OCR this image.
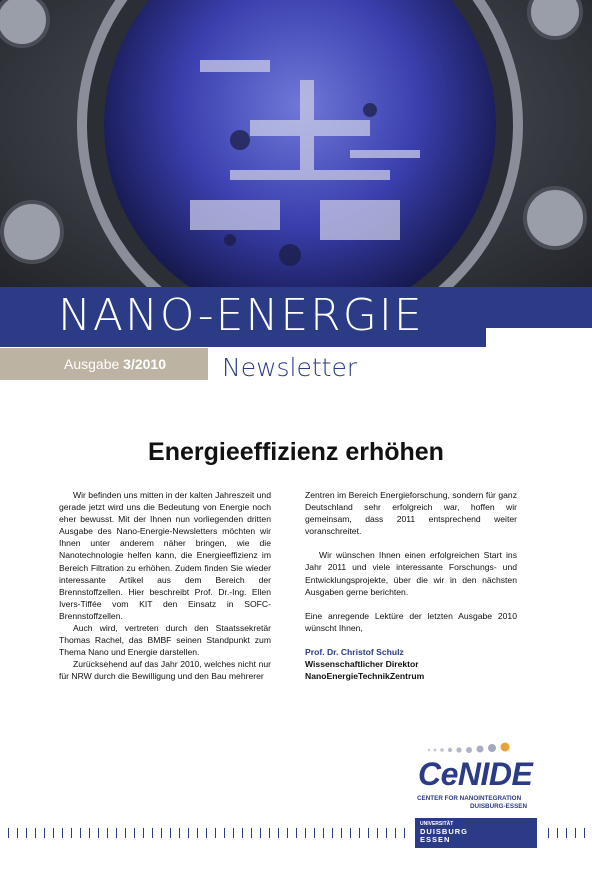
NANO-ENERGIE
Ausgabe 3/2010 Newsletter
Energieeffizienz erhöhen

Wir befinden uns mitten in der kalten Jahreszeit und gerade jetzt wird uns die Bedeutung von Energie noch eher bewusst. Mit der Ihnen nun vorliegenden dritten Ausgabe des Nano-Energie-Newsletters möchten wir Ihnen unter anderem näher bringen, wie die Nanotechnologie helfen kann, die Energieeffizienz im Bereich Filtration zu erhöhen. Zudem finden Sie wieder interessante Artikel aus dem Bereich der Brennstoffzellen. Hier beschreibt Prof. Dr.-Ing. Ellen Ivers-Tiffée vom KIT den Einsatz in SOFC-Brennstoffzellen.

Auch wird, vertreten durch den Staatssekretär Thomas Rachel, das BMBF seinen Standpunkt zum Thema Nano und Energie darstellen.

Zurücksehend auf das Jahr 2010, welches nicht nur für NRW durch die Bewilligung und den Bau mehrerer

Zentren im Bereich Energieforschung, sondern für ganz Deutschland sehr erfolgreich war, hoffen wir gemeinsam, dass 2011 entsprechend weiter voranschreitet.

Wir wünschen Ihnen einen erfolgreichen Start ins Jahr 2011 und viele interessante Forschungs- und Entwicklungsprojekte, über die wir in den nächsten Ausgaben gerne berichten.

Eine anregende Lektüre der letzten Ausgabe 2010 wünscht Ihnen,

Prof. Dr. Christof Schulz

Wissenschaftlicher Direktor

NanoEnergieTechnikZentrum

CeNIDE
CENTER FOR NANOINTEGRATION
DUISBURG-ESSEN
UNIVERSITÄT
DUISBURG
ESSEN
